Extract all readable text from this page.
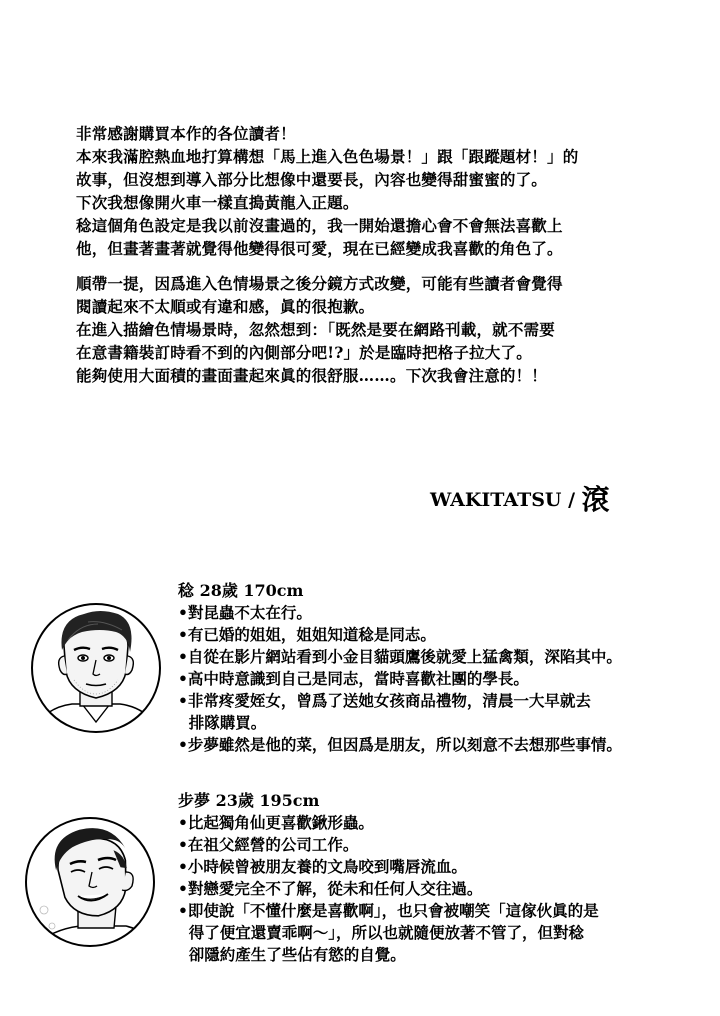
非常感謝購買本作的各位讀者！
本來我滿腔熱血地打算構想「馬上進入色色場景！」跟「跟蹤題材！」的
故事，但沒想到導入部分比想像中還要長，內容也變得甜蜜蜜的了。
下次我想像開火車一樣直搗黃龍入正題。
稔這個角色設定是我以前沒畫過的，我一開始還擔心會不會無法喜歡上
他，但畫著畫著就覺得他變得很可愛，現在已經變成我喜歡的角色了。
順帶一提，因爲進入色情場景之後分鏡方式改變，可能有些讀者會覺得
閱讀起來不太順或有違和感，眞的很抱歉。
在進入描繪色情場景時，忽然想到：「既然是要在網路刊載，就不需要
在意書籍裝訂時看不到的內側部分吧!?」於是臨時把格子拉大了。
能夠使用大面積的畫面畫起來眞的很舒服……。下次我會注意的！！
WAKITATSU / 滾
稔 28歲 170cm
•對昆蟲不太在行。
•有已婚的姐姐，姐姐知道稔是同志。
•自從在影片網站看到小金目貓頭鷹後就愛上猛禽類，深陷其中。
•高中時意識到自己是同志，當時喜歡社團的學長。
•非常疼愛姪女，曾爲了送她女孩商品禮物，清晨一大早就去
排隊購買。
•步夢雖然是他的菜，但因爲是朋友，所以刻意不去想那些事情。
步夢 23歲 195cm
•比起獨角仙更喜歡鍬形蟲。
•在祖父經營的公司工作。
•小時候曾被朋友養的文鳥咬到嘴唇流血。
•對戀愛完全不了解，從未和任何人交往過。
•即使說「不懂什麼是喜歡啊」，也只會被嘲笑「這傢伙眞的是
得了便宜還賣乖啊～」，所以也就隨便放著不管了，但對稔
卻隱約產生了些佔有慾的自覺。
